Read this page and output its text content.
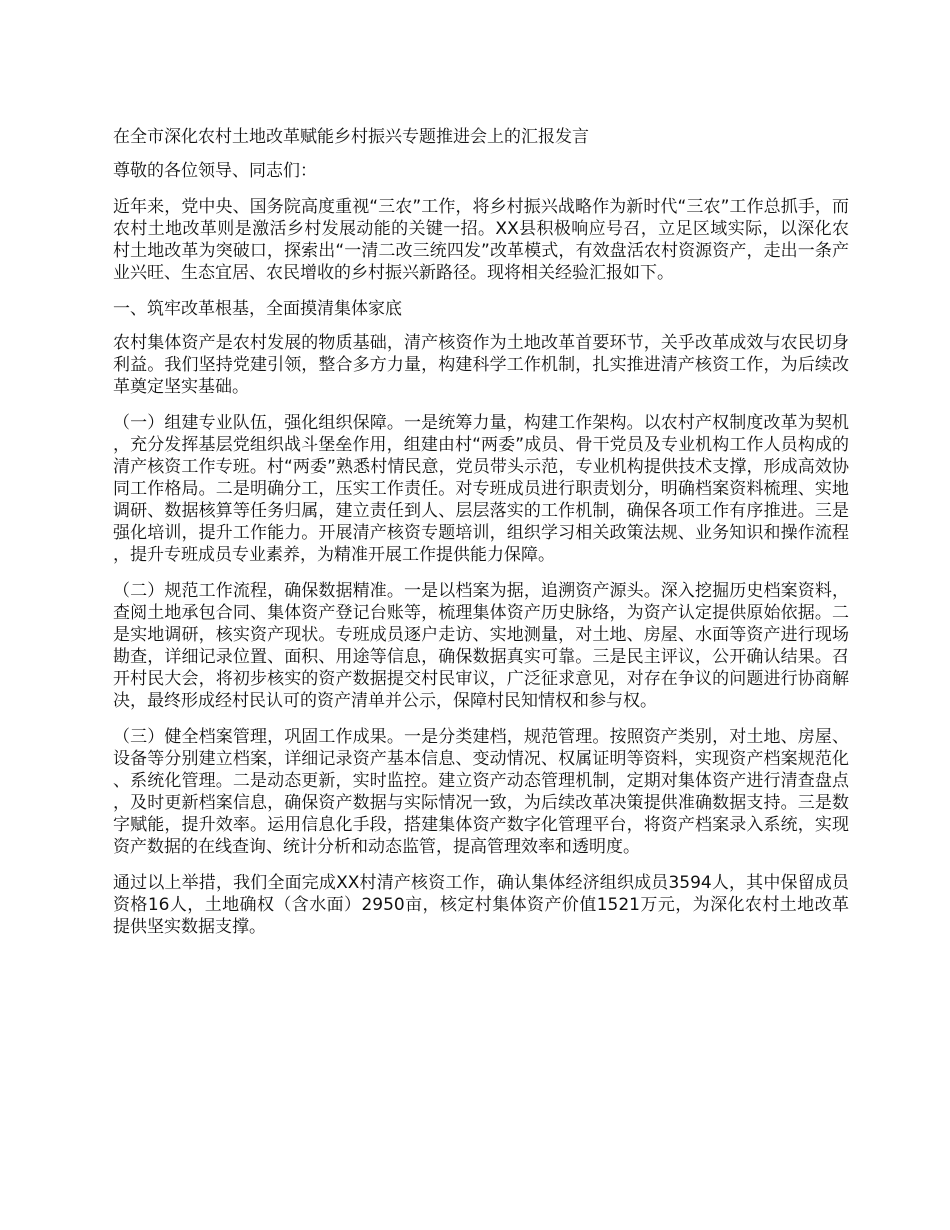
在全市深化农村土地改革赋能乡村振兴专题推进会上的汇报发言

尊敬的各位领导、同志们：

近年来，党中央、国务院高度重视“三农”工作，将乡村振兴战略作为新时代“三农”工作总抓手，而农村土地改革则是激活乡村发展动能的关键一招。XX县积极响应号召，立足区域实际，以深化农村土地改革为突破口，探索出“一清二改三统四发”改革模式，有效盘活农村资源资产，走出一条产业兴旺、生态宜居、农民增收的乡村振兴新路径。现将相关经验汇报如下。

一、筑牢改革根基，全面摸清集体家底

农村集体资产是农村发展的物质基础，清产核资作为土地改革首要环节，关乎改革成效与农民切身利益。我们坚持党建引领，整合多方力量，构建科学工作机制，扎实推进清产核资工作，为后续改革奠定坚实基础。

（一）组建专业队伍，强化组织保障。一是统筹力量，构建工作架构。以农村产权制度改革为契机，充分发挥基层党组织战斗堡垒作用，组建由村“两委”成员、骨干党员及专业机构工作人员构成的清产核资工作专班。村“两委”熟悉村情民意，党员带头示范，专业机构提供技术支撑，形成高效协同工作格局。二是明确分工，压实工作责任。对专班成员进行职责划分，明确档案资料梳理、实地调研、数据核算等任务归属，建立责任到人、层层落实的工作机制，确保各项工作有序推进。三是强化培训，提升工作能力。开展清产核资专题培训，组织学习相关政策法规、业务知识和操作流程，提升专班成员专业素养，为精准开展工作提供能力保障。

（二）规范工作流程，确保数据精准。一是以档案为据，追溯资产源头。深入挖掘历史档案资料，查阅土地承包合同、集体资产登记台账等，梳理集体资产历史脉络，为资产认定提供原始依据。二是实地调研，核实资产现状。专班成员逐户走访、实地测量，对土地、房屋、水面等资产进行现场勘查，详细记录位置、面积、用途等信息，确保数据真实可靠。三是民主评议，公开确认结果。召开村民大会，将初步核实的资产数据提交村民审议，广泛征求意见，对存在争议的问题进行协商解决，最终形成经村民认可的资产清单并公示，保障村民知情权和参与权。

（三）健全档案管理，巩固工作成果。一是分类建档，规范管理。按照资产类别，对土地、房屋、设备等分别建立档案，详细记录资产基本信息、变动情况、权属证明等资料，实现资产档案规范化、系统化管理。二是动态更新，实时监控。建立资产动态管理机制，定期对集体资产进行清查盘点，及时更新档案信息，确保资产数据与实际情况一致，为后续改革决策提供准确数据支持。三是数字赋能，提升效率。运用信息化手段，搭建集体资产数字化管理平台，将资产档案录入系统，实现资产数据的在线查询、统计分析和动态监管，提高管理效率和透明度。

通过以上举措，我们全面完成XX村清产核资工作，确认集体经济组织成员3594人，其中保留成员资格16人，土地确权（含水面）2950亩，核定村集体资产价值1521万元，为深化农村土地改革提供坚实数据支撑。
